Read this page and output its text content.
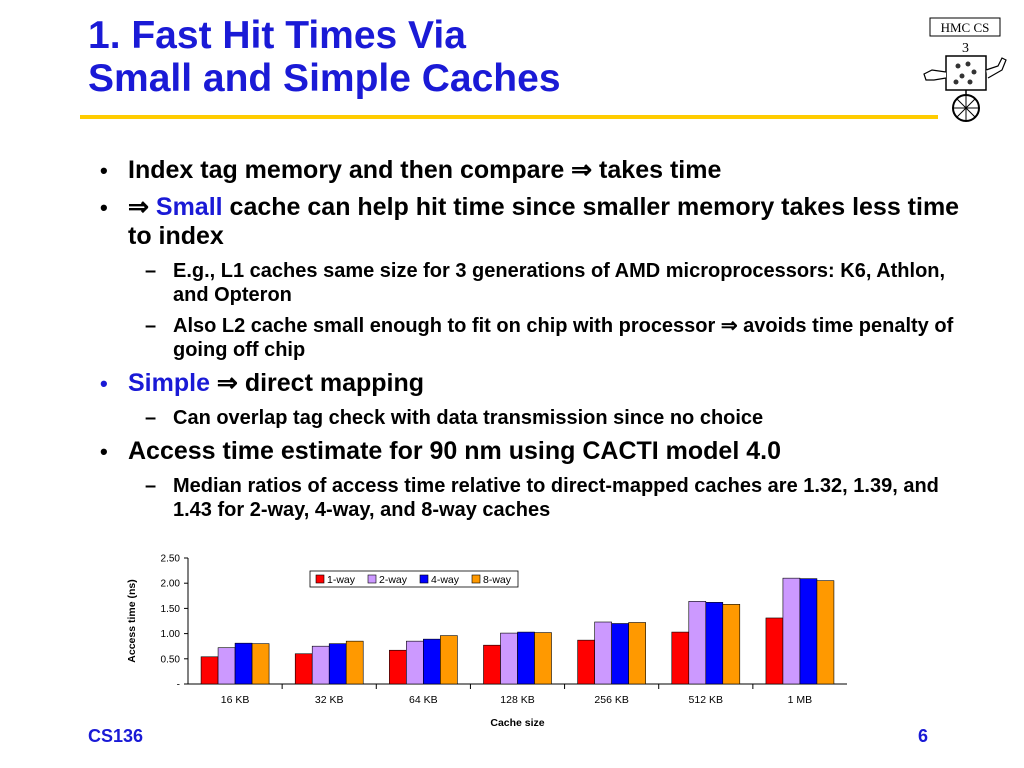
1. Fast Hit Times Via
Small and Simple Caches
HMC CS
3
• Index tag memory and then compare ⇒ takes time
• ⇒ Small cache can help hit time since smaller memory takes less time to index
– E.g., L1 caches same size for 3 generations of AMD microprocessors: K6, Athlon, and Opteron
– Also L2 cache small enough to fit on chip with processor ⇒ avoids time penalty of going off chip
• Simple ⇒ direct mapping
– Can overlap tag check with data transmission since no choice
• Access time estimate for 90 nm using CACTI model 4.0
– Median ratios of access time relative to direct-mapped caches are 1.32, 1.39, and 1.43 for 2-way, 4-way, and 8-way caches
-
0.50
1.00
1.50
2.00
2.50
16 KB	32 KB	64 KB	128 KB	256 KB	512 KB	1 MB
Cache size
Access time (ns)	1-way 2-way 4-way 8-way
CS136	6
